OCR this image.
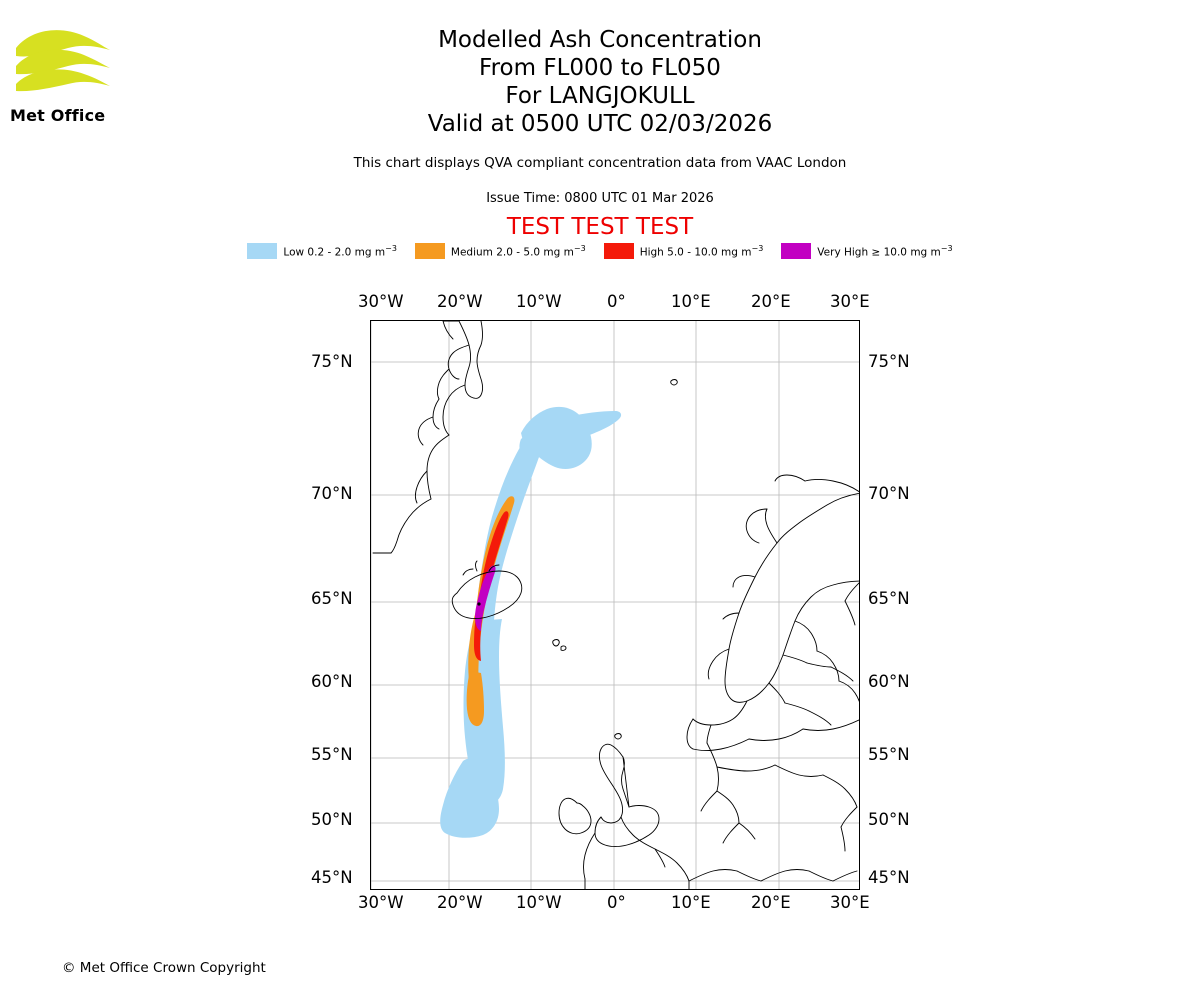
Met Office
Modelled Ash Concentration
From FL000 to FL050
For LANGJOKULL
Valid at 0500 UTC 02/03/2026
This chart displays QVA compliant concentration data from VAAC London
Issue Time: 0800 UTC 01 Mar 2026
TEST TEST TEST
Low 0.2 - 2.0 mg $m^{-3}$	Medium 2.0 - 5.0 mg $m^{-3}$	High 5.0 - 10.0 mg $m^{-3}$	Very High ≥ 10.0 mg $m^{-3}$
30°W 20°W 10°W	0°	10°E 20°E 30°E
30°W 20°W 10°W	0°	10°E 20°E 30°E
75°N
70°N
65°N
60°N
55°N
50°N
45°N
75°N
70°N
65°N
60°N
55°N
50°N
45°N
© Met Office Crown Copyright
